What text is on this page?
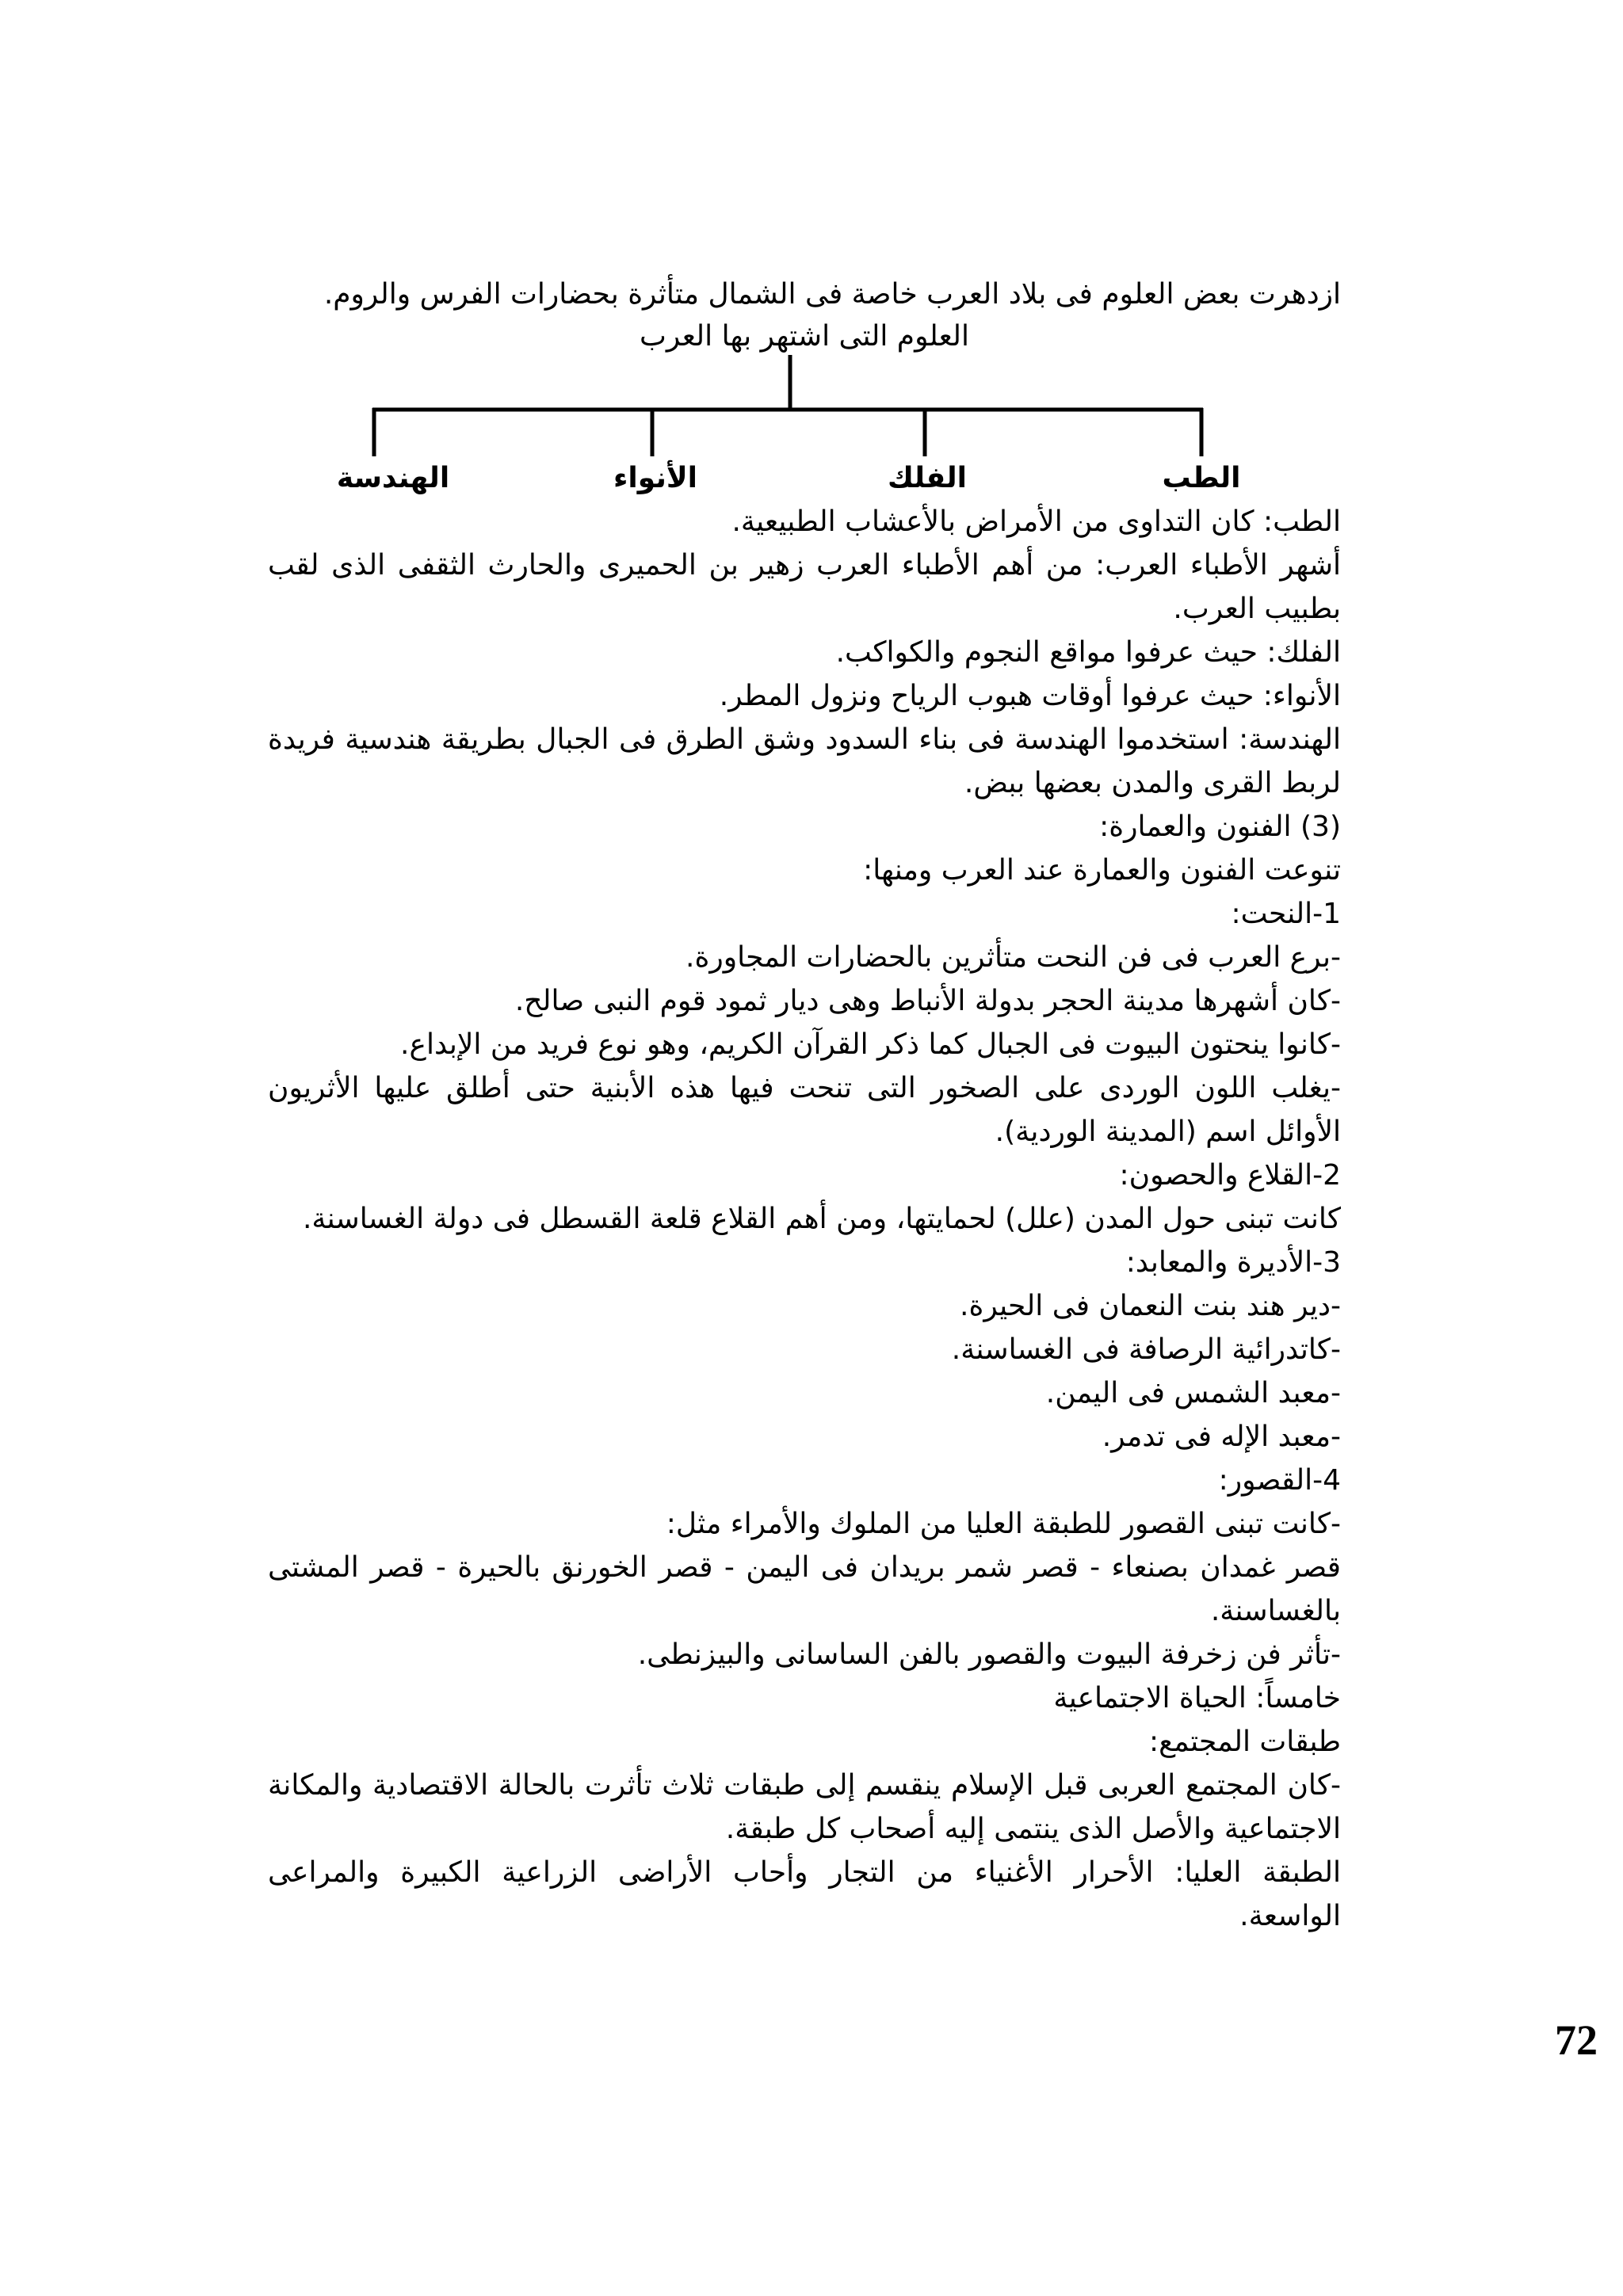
ازدهرت بعض العلوم فى بلاد العرب خاصة فى الشمال متأثرة بحضارات الفرس والروم.
العلوم التى اشتهر بها العرب
الطب
الفلك
الأنواء
الهندسة
الطب: كان التداوى من الأمراض بالأعشاب الطبيعية.
أشهر الأطباء العرب: من أهم الأطباء العرب زهير بن الحميرى والحارث الثقفى الذى لقب
بطبيب العرب.
الفلك: حيث عرفوا مواقع النجوم والكواكب.
الأنواء: حيث عرفوا أوقات هبوب الرياح ونزول المطر.
الهندسة: استخدموا الهندسة فى بناء السدود وشق الطرق فى الجبال بطريقة هندسية فريدة
لربط القرى والمدن بعضها ببض.
(3) الفنون والعمارة:
تنوعت الفنون والعمارة عند العرب ومنها:
1-النحت:
-برع العرب فى فن النحت متأثرين بالحضارات المجاورة.
-كان أشهرها مدينة الحجر بدولة الأنباط وهى ديار ثمود قوم النبى صالح.
-كانوا ينحتون البيوت فى الجبال كما ذكر القرآن الكريم، وهو نوع فريد من الإبداع.
-يغلب اللون الوردى على الصخور التى تنحت فيها هذه الأبنية حتى أطلق عليها الأثريون
الأوائل اسم (المدينة الوردية).
2-القلاع والحصون:
كانت تبنى حول المدن (علل) لحمايتها، ومن أهم القلاع قلعة القسطل فى دولة الغساسنة.
3-الأديرة والمعابد:
-دير هند بنت النعمان فى الحيرة.
-كاتدرائية الرصافة فى الغساسنة.
-معبد الشمس فى اليمن.
-معبد الإله فى تدمر.
4-القصور:
-كانت تبنى القصور للطبقة العليا من الملوك والأمراء مثل:
قصر غمدان بصنعاء - قصر شمر بريدان فى اليمن - قصر الخورنق بالحيرة - قصر المشتى
بالغساسنة.
-تأثر فن زخرفة البيوت والقصور بالفن الساسانى والبيزنطى.
خامساً: الحياة الاجتماعية
طبقات المجتمع:
-كان المجتمع العربى قبل الإسلام ينقسم إلى طبقات ثلاث تأثرت بالحالة الاقتصادية والمكانة
الاجتماعية والأصل الذى ينتمى إليه أصحاب كل طبقة.
الطبقة العليا: الأحرار الأغنياء من التجار وأحاب الأراضى الزراعية الكبيرة والمراعى
الواسعة.
72
